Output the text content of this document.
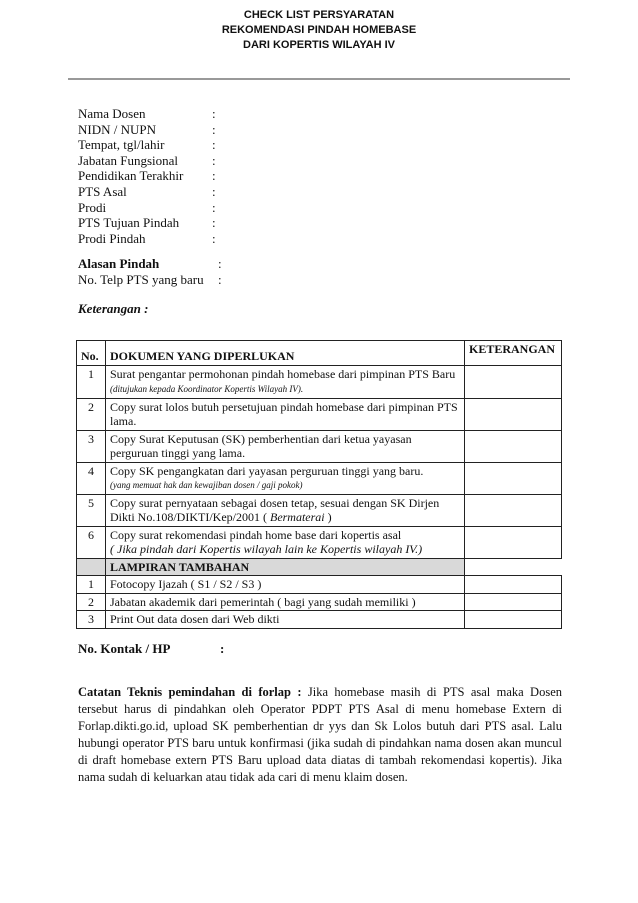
CHECK LIST PERSYARATAN
REKOMENDASI PINDAH HOMEBASE
DARI KOPERTIS WILAYAH IV
Nama Dosen	:
NIDN / NUPN	:
Tempat, tgl/lahir	:
Jabatan Fungsional	:
Pendidikan Terakhir	:
PTS Asal	:
Prodi	:
PTS Tujuan Pindah	:
Prodi Pindah	:
Alasan Pindah	:
No. Telp PTS yang baru	:
Keterangan :
No.	DOKUMEN YANG DIPERLUKAN	KETERANGAN
1	Surat pengantar permohonan pindah homebase dari pimpinan PTS Baru (ditujukan kepada Koordinator Kopertis Wilayah IV).	
2	Copy surat lolos butuh persetujuan pindah homebase dari pimpinan PTS lama.	
3	Copy Surat Keputusan (SK) pemberhentian dari ketua yayasan perguruan tinggi yang lama.	
4	Copy SK pengangkatan dari yayasan perguruan tinggi yang baru.
(yang memuat hak dan kewajiban dosen / gaji pokok)	

5	Copy surat pernyataan sebagai dosen tetap, sesuai dengan SK Dirjen Dikti No.108/DIKTI/Kep/2001 ( Bermaterai )	
6	Copy surat rekomendasi pindah home base dari kopertis asal
( Jika pindah dari Kopertis wilayah lain ke Kopertis wilayah IV.)	

	LAMPIRAN TAMBAHAN	
1	Fotocopy Ijazah ( S1 / S2 / S3 )	
2	Jabatan akademik dari pemerintah ( bagi yang sudah memiliki )	
3	Print Out data dosen dari Web dikti	
No. Kontak / HP	:
Catatan Teknis pemindahan di forlap : Jika homebase masih di PTS asal maka Dosen tersebut harus di pindahkan oleh Operator PDPT PTS Asal di menu homebase Extern di Forlap.dikti.go.id, upload SK pemberhentian dr yys dan Sk Lolos butuh dari PTS asal. Lalu hubungi operator PTS baru untuk konfirmasi (jika sudah di pindahkan nama dosen akan muncul di draft homebase extern PTS Baru upload data diatas di tambah rekomendasi kopertis). Jika nama sudah di keluarkan atau tidak ada cari di menu klaim dosen.
